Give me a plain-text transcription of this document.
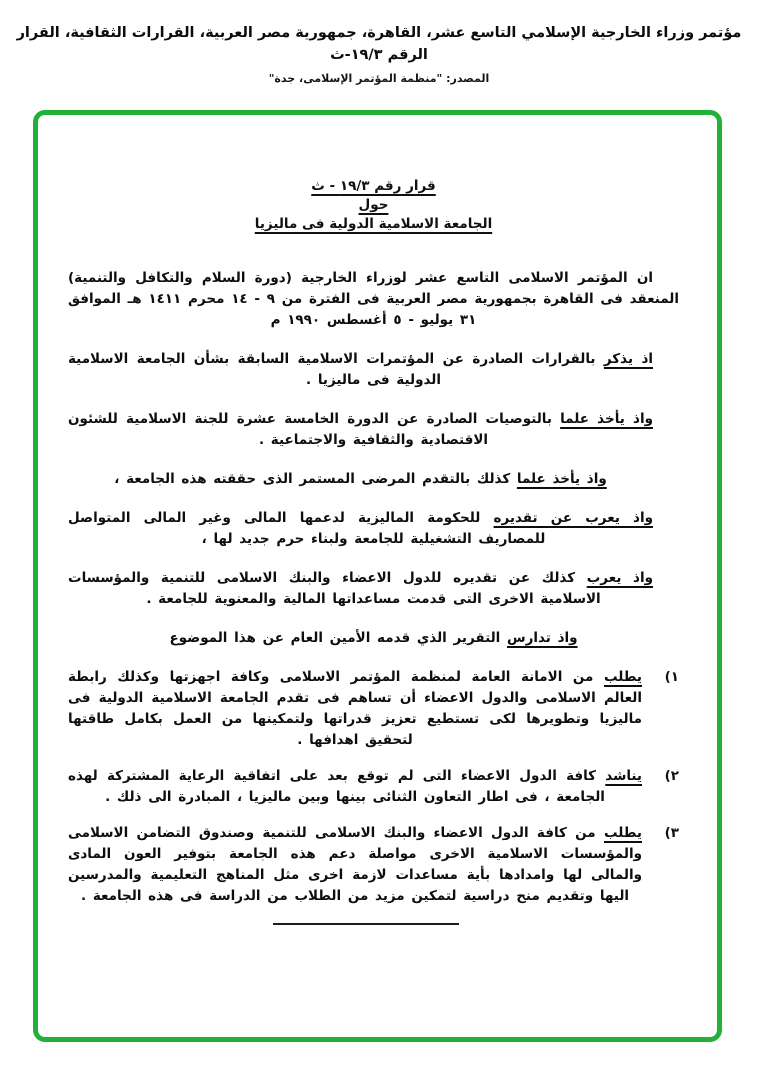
مؤتمر وزراء الخارجية الإسلامي التاسع عشر، القاهرة، جمهورية مصر العربية، القرارات الثقافية، القرار الرقم ١٩/٣-ث
المصدر: "منظمة المؤتمر الإسلامى، جدة"
قرار رقم ١٩/٣ - ث
حول
الجامعة الاسلامية الدولية فى ماليزيا

ان المؤتمر الاسلامى التاسع عشر لوزراء الخارجية (دورة السلام والتكافل والتنمية) المنعقد فى القاهرة بجمهورية مصر العربية فى الفترة من ٩ - ١٤ محرم ١٤١١ هـ الموافق ٣١ يوليو - ٥ أغسطس ١٩٩٠ م

اذ يذكر بالقرارات الصادرة عن المؤتمرات الاسلامية السابقة بشأن الجامعة الاسلامية الدولية فى ماليزيا .

واذ يأخذ علما بالتوصيات الصادرة عن الدورة الخامسة عشرة للجنة الاسلامية للشئون الاقتصادية والثقافية والاجتماعية .

واذ يأخذ علما كذلك بالتقدم المرضى المستمر الذى حققته هذه الجامعة ،

واذ يعرب عن تقديره للحكومة الماليزية لدعمها المالى وغير المالى المتواصل للمصاريف التشغيلية للجامعة ولبناء حرم جديد لها ،

واذ يعرب كذلك عن تقديره للدول الاعضاء والبنك الاسلامى للتنمية والمؤسسات الاسلامية الاخرى التى قدمت مساعداتها المالية والمعنوية للجامعة .

واذ تدارس التقرير الذي قدمه الأمين العام عن هذا الموضوع

١)
يطلب من الامانة العامة لمنظمة المؤتمر الاسلامى وكافة اجهزتها وكذلك رابطة العالم الاسلامى والدول الاعضاء أن تساهم فى تقدم الجامعة الاسلامية الدولية فى ماليزيا وتطويرها لكى تستطيع تعزيز قدراتها ولتمكينها من العمل بكامل طاقتها لتحقيق اهدافها .
٢)
يناشد كافة الدول الاعضاء التى لم توقع بعد على اتفاقية الرعاية المشتركة لهذه الجامعة ، فى اطار التعاون الثنائى بينها وبين ماليزيا ، المبادرة الى ذلك .
٣)
يطلب من كافة الدول الاعضاء والبنك الاسلامى للتنمية وصندوق التضامن الاسلامى والمؤسسات الاسلامية الاخرى مواصلة دعم هذه الجامعة بتوفير العون المادى والمالى لها وامدادها بأية مساعدات لازمة اخرى مثل المناهج التعليمية والمدرسين اليها وتقديم منح دراسية لتمكين مزيد من الطلاب من الدراسة فى هذه الجامعة .
